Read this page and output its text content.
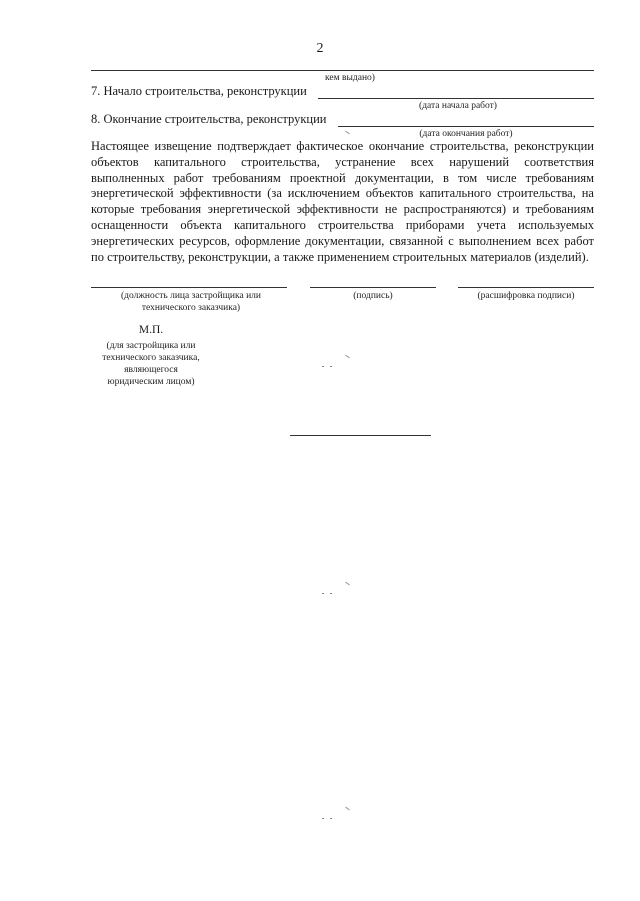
2
кем выдано)
7. Начало строительства, реконструкции
(дата начала работ)
8. Окончание строительства, реконструкции
(дата окончания работ)
Настоящее извещение подтверждает фактическое окончание строительства, реконструкции объектов капитального строительства, устранение всех нарушений соответствия выполненных работ требованиям проектной документации, в том числе требованиям энергетической эффективности (за исключением объектов капитального строительства, на которые требования энергетической эффективности не распространяются) и требованиям оснащенности объекта капитального строительства приборами учета используемых энергетических ресурсов, оформление документации, связанной с выполнением всех работ по строительству, реконструкции, а также применением строительных материалов (изделий).
(должность лица застройщика или
технического заказчика)
(подпись)	(расшифровка подписи)
М.П.
(для застройщика или
технического заказчика,
являющегося
юридическим лицом)
